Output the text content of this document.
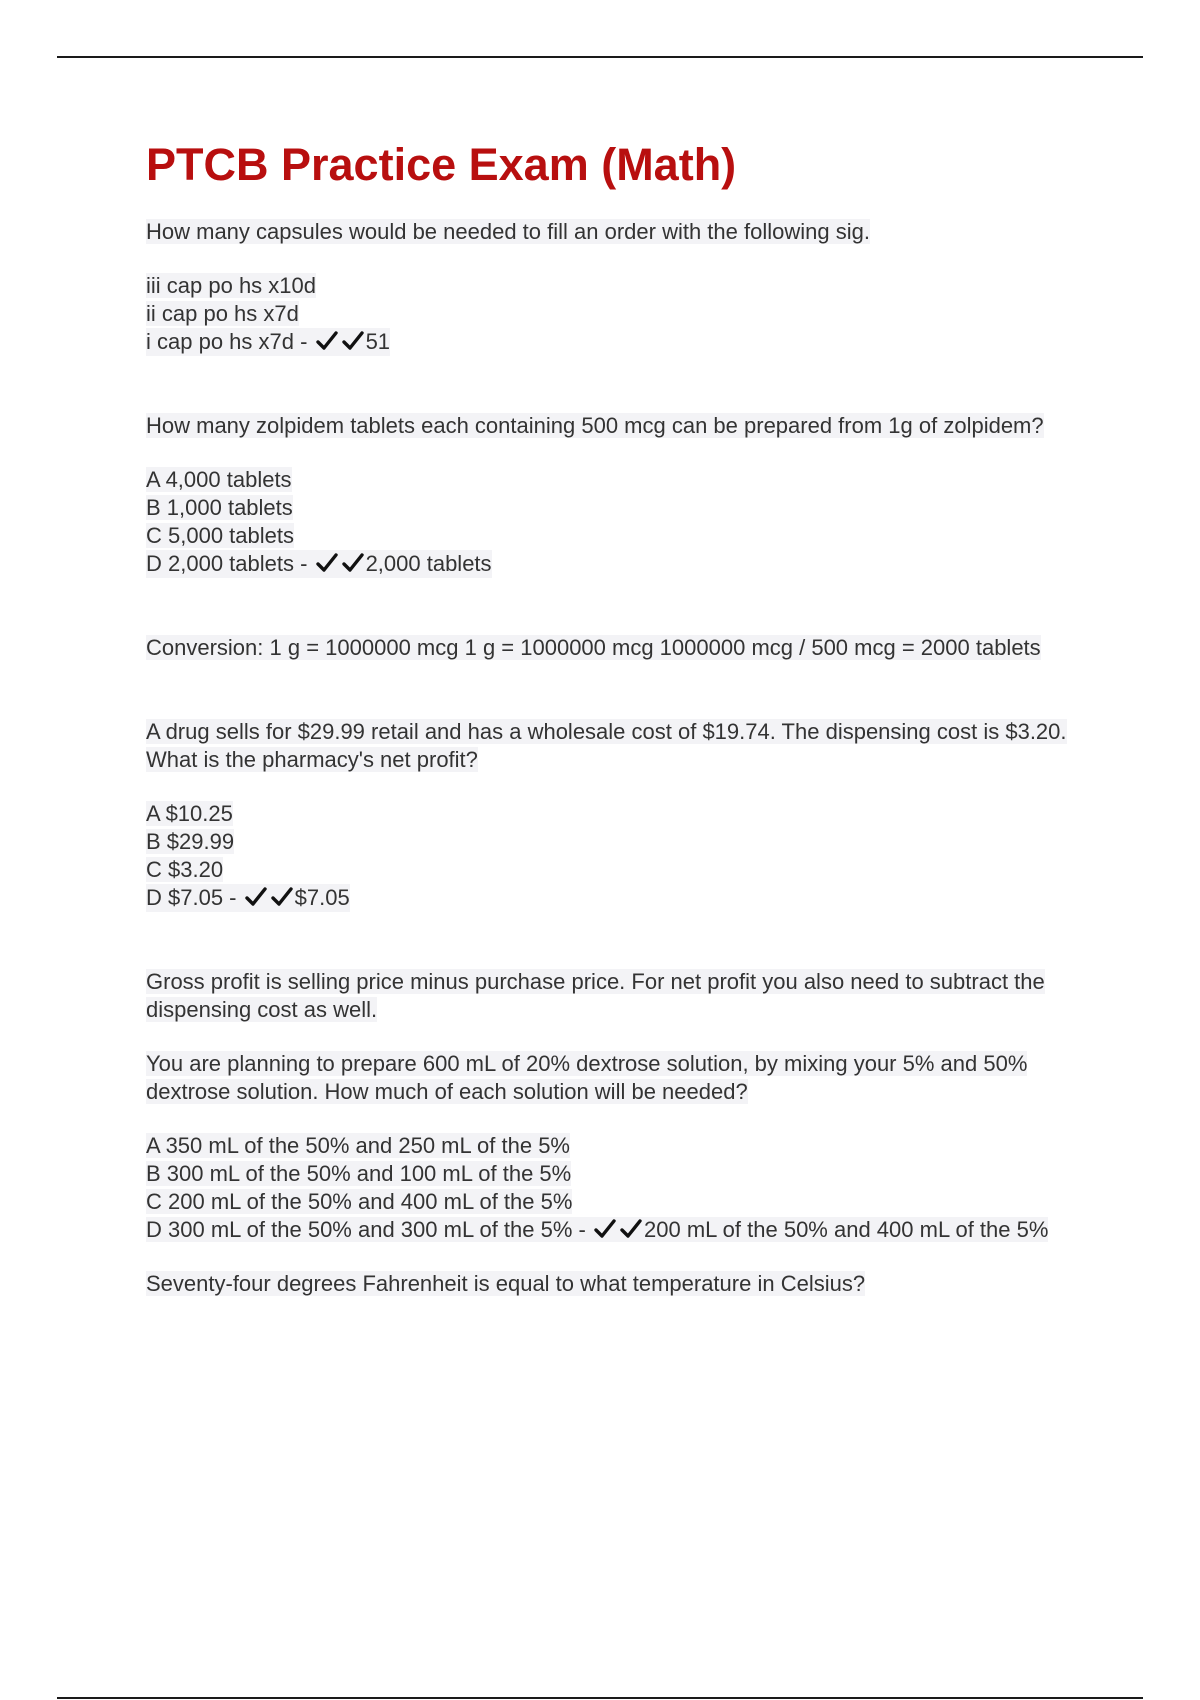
PTCB Practice Exam (Math)

How many capsules would be needed to fill an order with the following sig.

iii cap po hs x10d
ii cap po hs x7d
i cap po hs x7d -	51

How many zolpidem tablets each containing 500 mcg can be prepared from 1g of zolpidem?

A 4,000 tablets
B 1,000 tablets
C 5,000 tablets
D 2,000 tablets -	2,000 tablets

Conversion: 1 g = 1000000 mcg 1 g = 1000000 mcg 1000000 mcg / 500 mcg = 2000 tablets

A drug sells for $29.99 retail and has a wholesale cost of $19.74. The dispensing cost is $3.20. What is the pharmacy's net profit?

A $10.25
B $29.99
C $3.20
D $7.05 -	$7.05

Gross profit is selling price minus purchase price. For net profit you also need to subtract the dispensing cost as well.

You are planning to prepare 600 mL of 20% dextrose solution, by mixing your 5% and 50% dextrose solution. How much of each solution will be needed?

A 350 mL of the 50% and 250 mL of the 5%
B 300 mL of the 50% and 100 mL of the 5%
C 200 mL of the 50% and 400 mL of the 5%
D 300 mL of the 50% and 300 mL of the 5% -	200 mL of the 50% and 400 mL of the 5%

Seventy-four degrees Fahrenheit is equal to what temperature in Celsius?
